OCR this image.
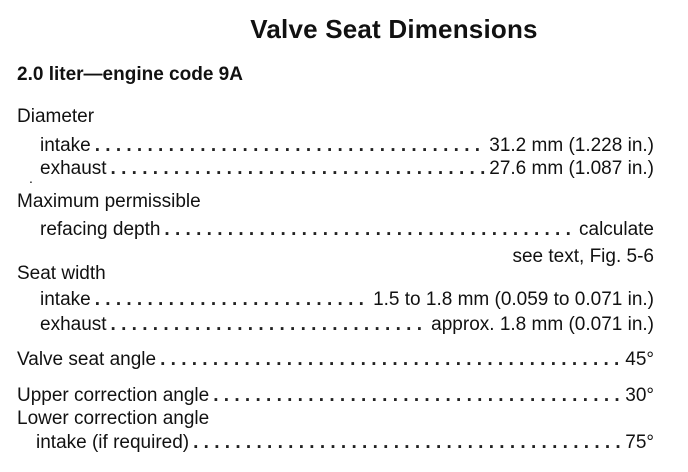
Valve Seat Dimensions
2.0 liter—engine code 9A
Diameter
intake . . .	31.2 mm (1.228 in.)
. exhaust . . .	27.6 mm (1.087 in.)
Maximum permissible
refacing depth . . .	calculate
see text, Fig. 5-6
Seat width
intake . . .	1.5 to 1.8 mm (0.059 to 0.071 in.)
exhaust . . .	approx. 1.8 mm (0.071 in.)
Valve seat angle . . .	45°
Upper correction angle . . .	30°
Lower correction angle
intake (if required) . . .	75°
